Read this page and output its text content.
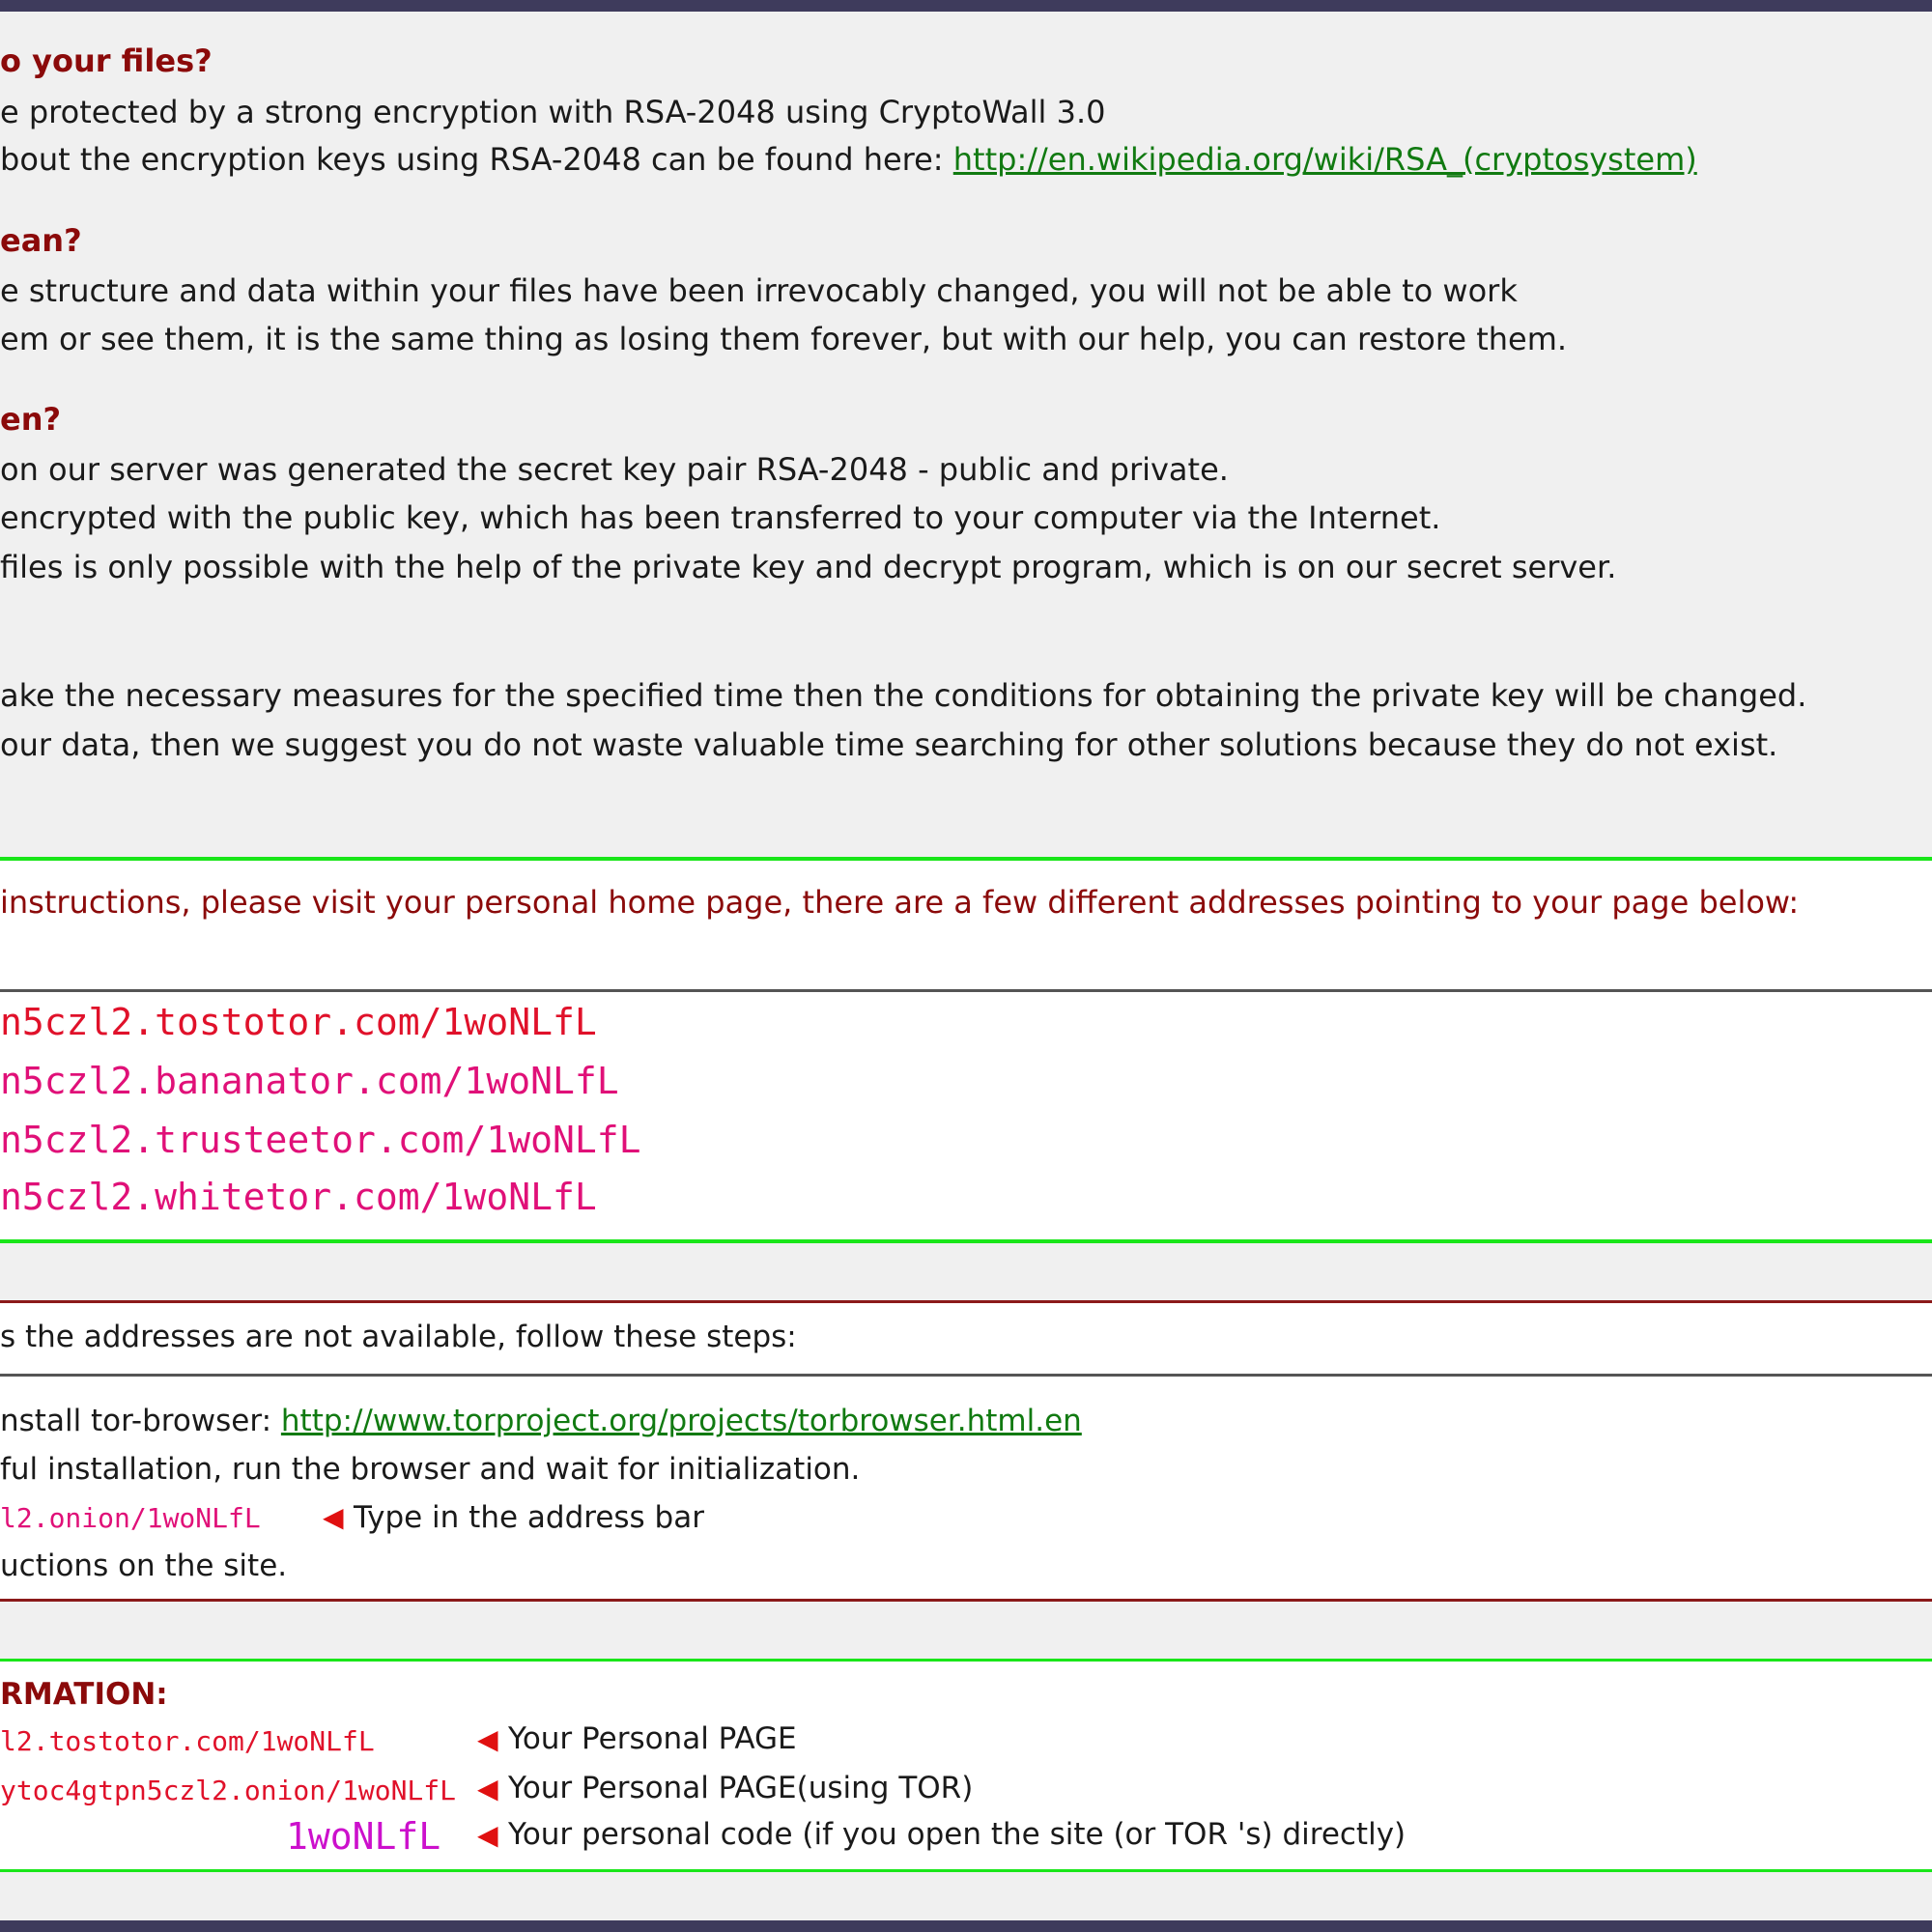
o your files?
e protected by a strong encryption with RSA-2048 using CryptoWall 3.0
bout the encryption keys using RSA-2048 can be found here: http://en.wikipedia.org/wiki/RSA_(cryptosystem)
ean?
e structure and data within your files have been irrevocably changed, you will not be able to work
em or see them, it is the same thing as losing them forever, but with our help, you can restore them.
en?
on our server was generated the secret key pair RSA-2048 - public and private.
encrypted with the public key, which has been transferred to your computer via the Internet.
files is only possible with the help of the private key and decrypt program, which is on our secret server.
ake the necessary measures for the specified time then the conditions for obtaining the private key will be changed.
our data, then we suggest you do not waste valuable time searching for other solutions because they do not exist.
instructions, please visit your personal home page, there are a few different addresses pointing to your page below:
n5czl2.tostotor.com/1woNLfL
n5czl2.bananator.com/1woNLfL
n5czl2.trusteetor.com/1woNLfL
n5czl2.whitetor.com/1woNLfL
s the addresses are not available, follow these steps:
nstall tor-browser: http://www.torproject.org/projects/torbrowser.html.en
ful installation, run the browser and wait for initialization.
l2.onion/1woNLfL ◀ Type in the address bar
uctions on the site.
RMATION:
l2.tostotor.com/1woNLfL	◀ Your Personal PAGE
ytoc4gtpn5czl2.onion/1woNLfL ◀ Your Personal PAGE(using TOR)
1woNLfL ◀ Your personal code (if you open the site (or TOR 's) directly)
